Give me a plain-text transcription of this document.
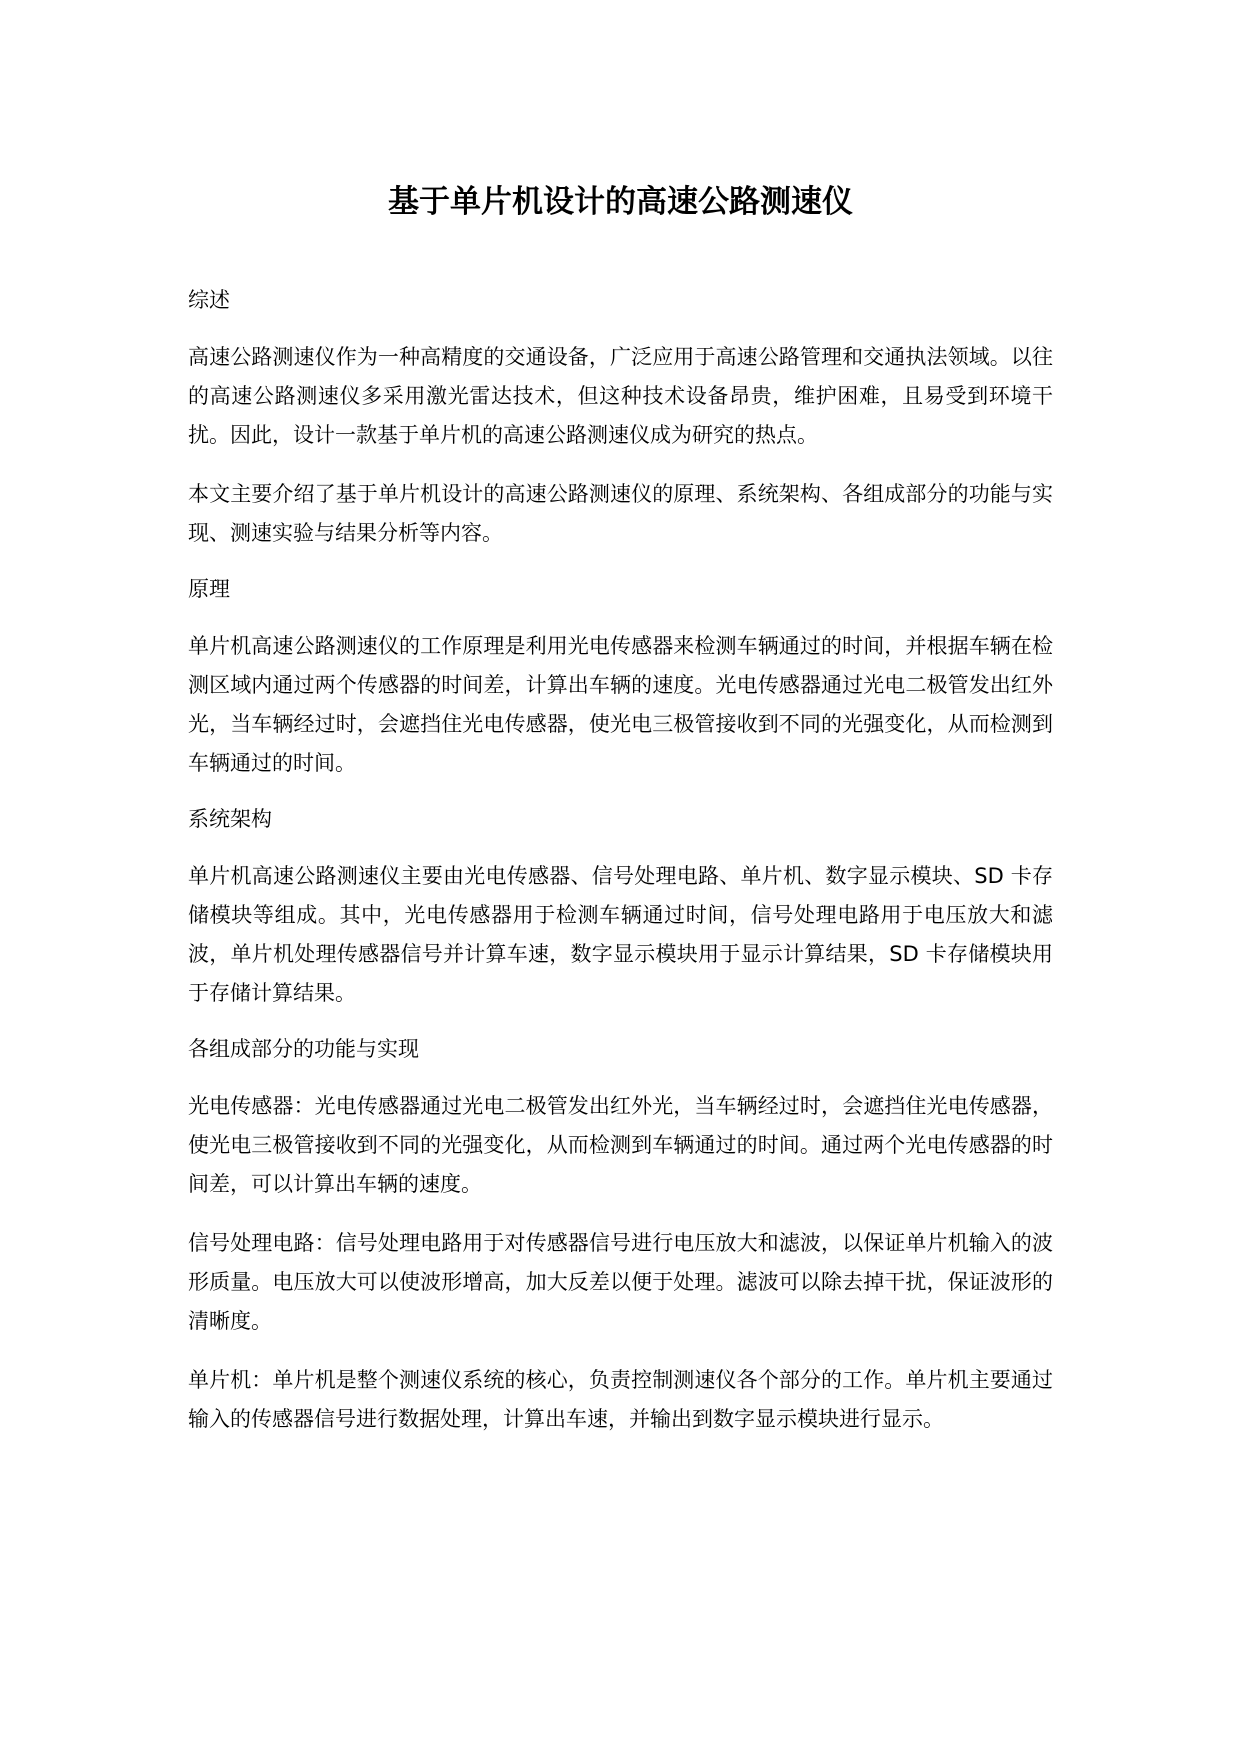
基于单片机设计的高速公路测速仪

综述

高速公路测速仪作为一种高精度的交通设备，广泛应用于高速公路管理和交通执法领域。以往的高速公路测速仪多采用激光雷达技术，但这种技术设备昂贵，维护困难，且易受到环境干扰。因此，设计一款基于单片机的高速公路测速仪成为研究的热点。

本文主要介绍了基于单片机设计的高速公路测速仪的原理、系统架构、各组成部分的功能与实现、测速实验与结果分析等内容。

原理

单片机高速公路测速仪的工作原理是利用光电传感器来检测车辆通过的时间，并根据车辆在检测区域内通过两个传感器的时间差，计算出车辆的速度。光电传感器通过光电二极管发出红外光，当车辆经过时，会遮挡住光电传感器，使光电三极管接收到不同的光强变化，从而检测到车辆通过的时间。

系统架构

单片机高速公路测速仪主要由光电传感器、信号处理电路、单片机、数字显示模块、SD 卡存储模块等组成。其中，光电传感器用于检测车辆通过时间，信号处理电路用于电压放大和滤波，单片机处理传感器信号并计算车速，数字显示模块用于显示计算结果，SD 卡存储模块用于存储计算结果。

各组成部分的功能与实现

光电传感器：光电传感器通过光电二极管发出红外光，当车辆经过时，会遮挡住光电传感器，使光电三极管接收到不同的光强变化，从而检测到车辆通过的时间。通过两个光电传感器的时间差，可以计算出车辆的速度。

信号处理电路：信号处理电路用于对传感器信号进行电压放大和滤波，以保证单片机输入的波形质量。电压放大可以使波形增高，加大反差以便于处理。滤波可以除去掉干扰，保证波形的清晰度。

单片机：单片机是整个测速仪系统的核心，负责控制测速仪各个部分的工作。单片机主要通过输入的传感器信号进行数据处理，计算出车速，并输出到数字显示模块进行显示。
